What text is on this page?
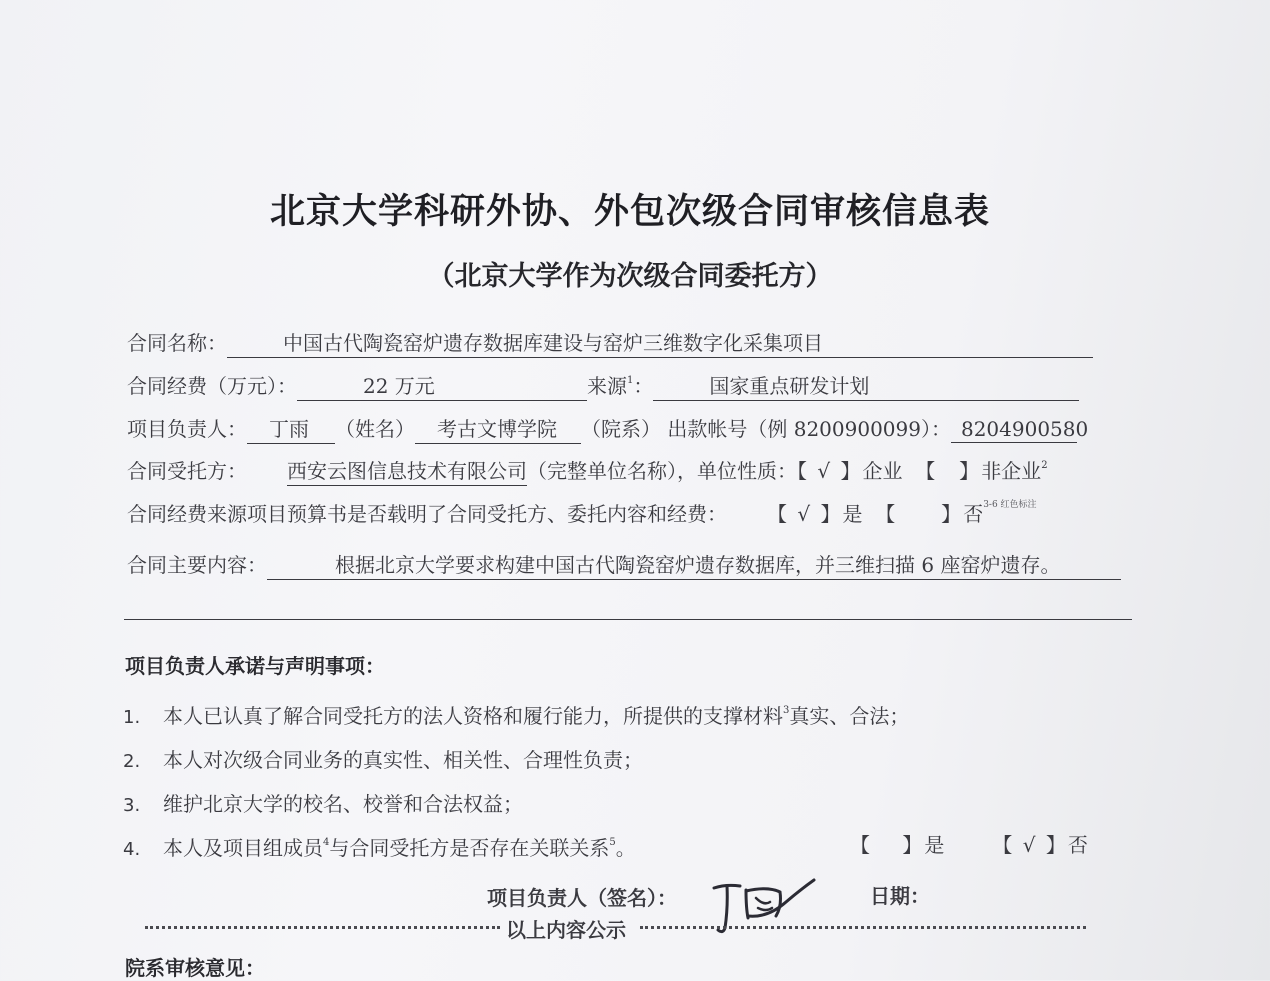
北京大学科研外协、外包次级合同审核信息表
（北京大学作为次级合同委托方）
合同名称：	中国古代陶瓷窑炉遗存数据库建设与窑炉三维数字化采集项目
合同经费（万元）：	22 万元	来源$^1$：	国家重点研发计划
项目负责人： 丁雨 （姓名） 考古文博学院 （院系） 出款帐号（例 8200900099）： 8204900580
合同受托方： 西安云图信息技术有限公司（完整单位名称），单位性质：【 √ 】企业 【　】非企业$^2$
合同经费来源项目预算书是否载明了合同受托方、委托内容和经费： 【 √ 】是 【　　】否$^{3-6 红色标注}$
合同主要内容：	根据北京大学要求构建中国古代陶瓷窑炉遗存数据库，并三维扫描 6 座窑炉遗存。
项目负责人承诺与声明事项：
1. 本人已认真了解合同受托方的法人资格和履行能力，所提供的支撑材料$^3$真实、合法；
2. 本人对次级合同业务的真实性、相关性、合理性负责；
3. 维护北京大学的校名、校誉和合法权益；
4. 本人及项目组成员$^4$与合同受托方是否存在关联关系$^5$。	【　 】是 【 √ 】否
项目负责人（签名）：	日期：
以上内容公示
院系审核意见：
